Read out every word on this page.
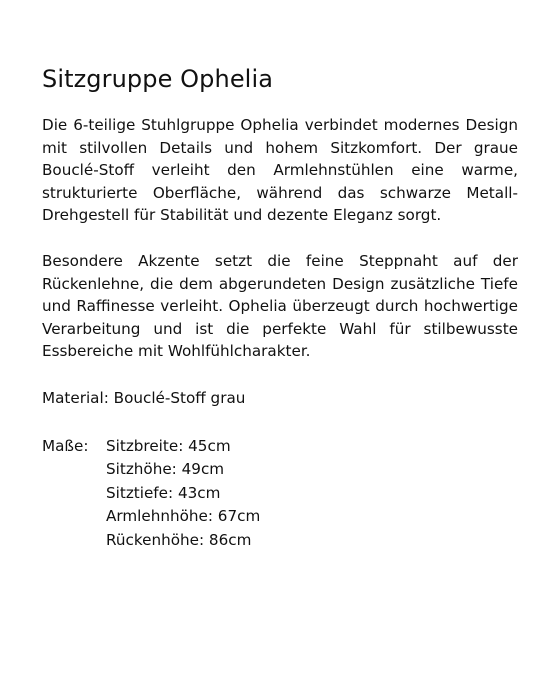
Sitzgruppe Ophelia

Die 6-teilige Stuhlgruppe Ophelia verbindet modernes Design mit stilvollen Details und hohem Sitzkomfort. Der graue Bouclé-Stoff verleiht den Armlehnstühlen eine warme, strukturierte Oberfläche, während das schwarze Metall-Drehgestell für Stabilität und dezente Eleganz sorgt.

Besondere Akzente setzt die feine Steppnaht auf der Rückenlehne, die dem abgerundeten Design zusätzliche Tiefe und Raffinesse verleiht. Ophelia überzeugt durch hochwertige Verarbeitung und ist die perfekte Wahl für stilbewusste Essbereiche mit Wohlfühlcharakter.

Material: Bouclé-Stoff grau

Maße:	Sitzbreite: 45cm
Sitzhöhe: 49cm
Sitztiefe: 43cm
Armlehnhöhe: 67cm
Rückenhöhe: 86cm
